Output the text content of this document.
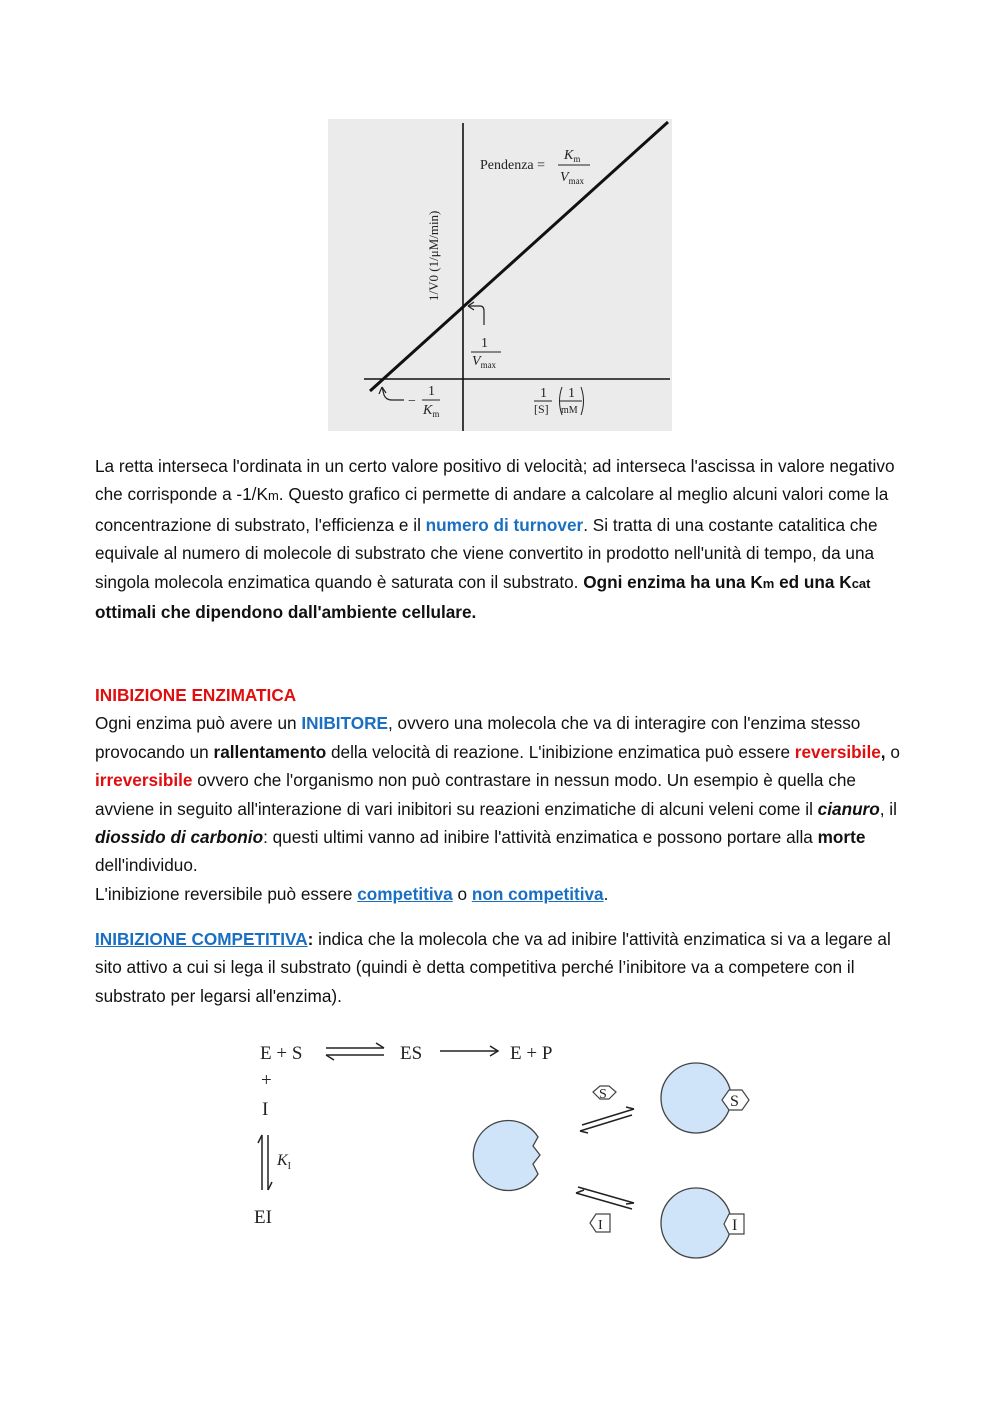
Pendenza =
$K_m$
$V_{max}$
1/V0 (1/μM/min)
1
$V_{max}$
−
1
$K_m$
1
[S]
1
mM

La retta interseca l'ordinata in un certo valore positivo di velocità; ad interseca l'ascissa in valore negativo che corrisponde a -1/Km. Questo grafico ci permette di andare a calcolare al meglio alcuni valori come la concentrazione di substrato, l'efficienza e il numero di turnover. Si tratta di una costante catalitica che equivale al numero di molecole di substrato che viene convertito in prodotto nell'unità di tempo, da una singola molecola enzimatica quando è saturata con il substrato. Ogni enzima ha una Km ed una Kcat ottimali che dipendono dall'ambiente cellulare.

INIBIZIONE ENZIMATICA
Ogni enzima può avere un INIBITORE, ovvero una molecola che va di interagire con l'enzima stesso provocando un rallentamento della velocità di reazione. L'inibizione enzimatica può essere reversibile, o irreversibile ovvero che l'organismo non può contrastare in nessun modo. Un esempio è quella che avviene in seguito all'interazione di vari inibitori su reazioni enzimatiche di alcuni veleni come il cianuro, il diossido di carbonio: questi ultimi vanno ad inibire l'attività enzimatica e possono portare alla morte dell'individuo.
L'inibizione reversibile può essere competitiva o non competitiva.

INIBIZIONE COMPETITIVA: indica che la molecola che va ad inibire l'attività enzimatica si va a legare al sito attivo a cui si lega il substrato (quindi è detta competitiva perché l’inibitore va a competere con il substrato per legarsi all'enzima).

E + S	ES	E + P
+
I
$K_I$
EI
S	S
I	I
